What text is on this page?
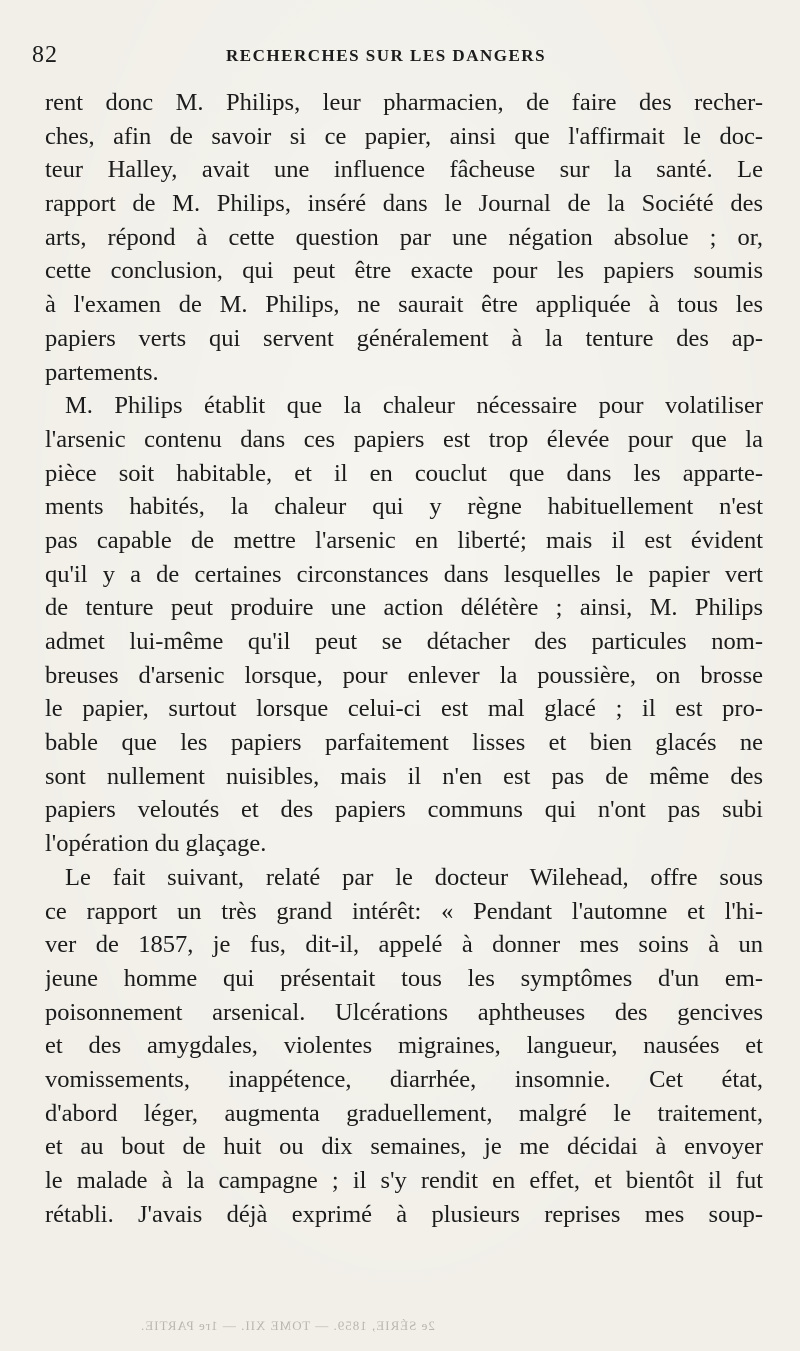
82	RECHERCHES SUR LES DANGERS
rent donc M. Philips, leur pharmacien, de faire des recher-
ches, afin de savoir si ce papier, ainsi que l'affirmait le doc-
teur Halley, avait une influence fâcheuse sur la santé. Le
rapport de M. Philips, inséré dans le Journal de la Société des
arts, répond à cette question par une négation absolue ; or,
cette conclusion, qui peut être exacte pour les papiers soumis
à l'examen de M. Philips, ne saurait être appliquée à tous les
papiers verts qui servent généralement à la tenture des ap-
partements.
M. Philips établit que la chaleur nécessaire pour volatiliser
l'arsenic contenu dans ces papiers est trop élevée pour que la
pièce soit habitable, et il en couclut que dans les apparte-
ments habités, la chaleur qui y règne habituellement n'est
pas capable de mettre l'arsenic en liberté; mais il est évident
qu'il y a de certaines circonstances dans lesquelles le papier vert
de tenture peut produire une action délétère ; ainsi, M. Philips
admet lui-même qu'il peut se détacher des particules nom-
breuses d'arsenic lorsque, pour enlever la poussière, on brosse
le papier, surtout lorsque celui-ci est mal glacé ; il est pro-
bable que les papiers parfaitement lisses et bien glacés ne
sont nullement nuisibles, mais il n'en est pas de même des
papiers veloutés et des papiers communs qui n'ont pas subi
l'opération du glaçage.
Le fait suivant, relaté par le docteur Wilehead, offre sous
ce rapport un très grand intérêt: « Pendant l'automne et l'hi-
ver de 1857, je fus, dit-il, appelé à donner mes soins à un
jeune homme qui présentait tous les symptômes d'un em-
poisonnement arsenical. Ulcérations aphtheuses des gencives
et des amygdales, violentes migraines, langueur, nausées et
vomissements, inappétence, diarrhée, insomnie. Cet état,
d'abord léger, augmenta graduellement, malgré le traitement,
et au bout de huit ou dix semaines, je me décidai à envoyer
le malade à la campagne ; il s'y rendit en effet, et bientôt il fut
rétabli. J'avais déjà exprimé à plusieurs reprises mes soup-
2e SÉRIE, 1859. — TOME XII. — 1re PARTIE.
